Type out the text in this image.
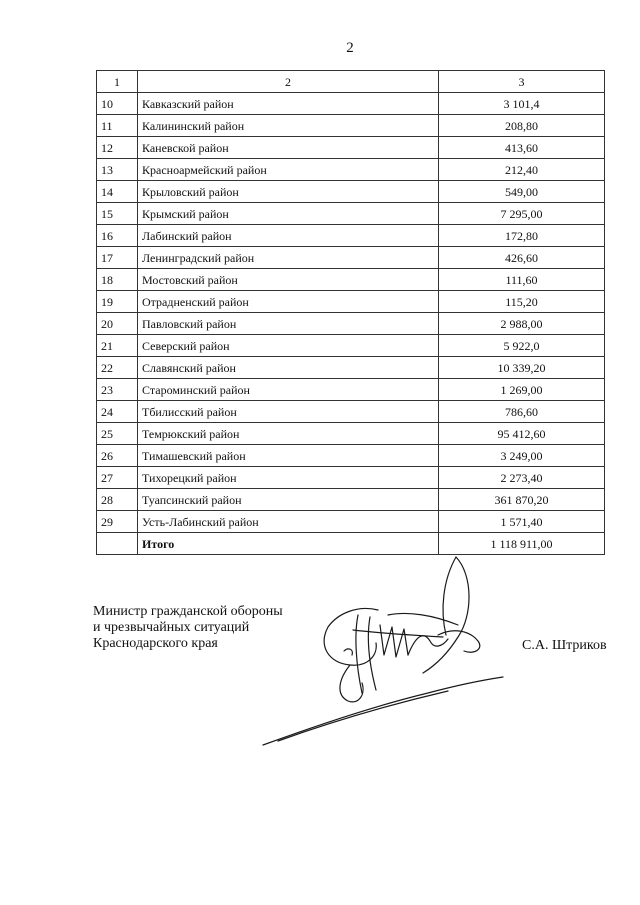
2
1	2	3
10	Кавказский район	3 101,4
11	Калининский район	208,80
12	Каневской район	413,60
13	Красноармейский район	212,40
14	Крыловский район	549,00
15	Крымский район	7 295,00
16	Лабинский район	172,80
17	Ленинградский район	426,60
18	Мостовский район	111,60
19	Отрадненский район	115,20
20	Павловский район	2 988,00
21	Северский район	5 922,0
22	Славянский район	10 339,20
23	Староминский район	1 269,00
24	Тбилисский район	786,60
25	Темрюкский район	95 412,60
26	Тимашевский район	3 249,00
27	Тихорецкий район	2 273,40
28	Туапсинский район	361 870,20
29	Усть-Лабинский район	1 571,40
	Итого	1 118 911,00
Министр гражданской обороны
и чрезвычайных ситуаций
Краснодарского края	С.А. Штриков
